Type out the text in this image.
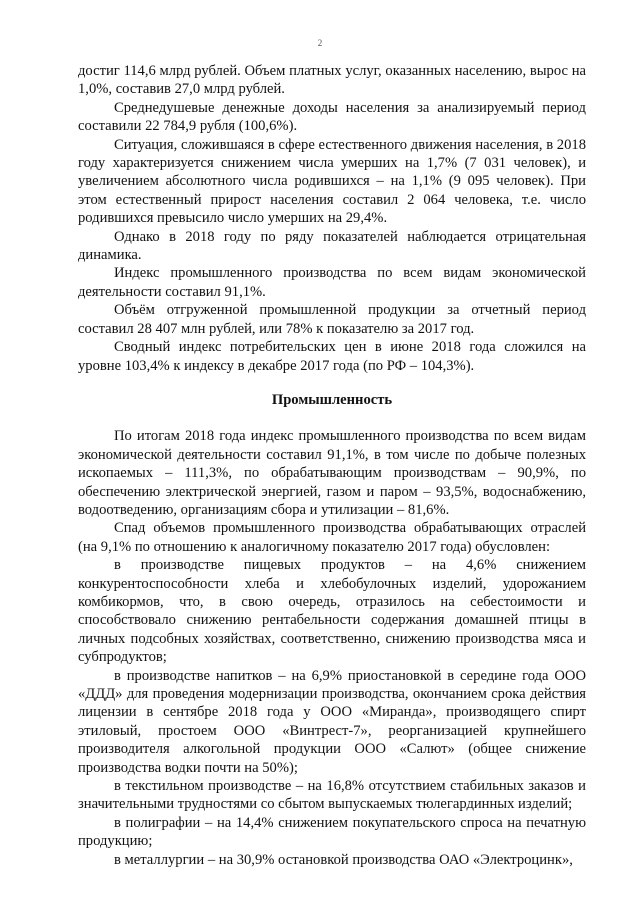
2

достиг 114,6 млрд рублей. Объем платных услуг, оказанных населению, вырос на 1,0%, составив 27,0 млрд рублей.

Среднедушевые денежные доходы населения за анализируемый период составили 22 784,9 рубля (100,6%).

Ситуация, сложившаяся в сфере естественного движения населения, в 2018 году характеризуется снижением числа умерших на 1,7% (7 031 человек), и увеличением абсолютного числа родившихся – на 1,1% (9 095 человек). При этом естественный прирост населения составил 2 064 человека, т.е. число родившихся превысило число умерших на 29,4%.

Однако в 2018 году по ряду показателей наблюдается отрицательная динамика.

Индекс промышленного производства по всем видам экономической деятельности составил 91,1%.

Объём отгруженной промышленной продукции за отчетный период составил 28 407 млн рублей, или 78% к показателю за 2017 год.

Сводный индекс потребительских цен в июне 2018 года сложился на уровне 103,4% к индексу в декабре 2017 года (по РФ – 104,3%).

Промышленность

По итогам 2018 года индекс промышленного производства по всем видам экономической деятельности составил 91,1%, в том числе по добыче полезных ископаемых – 111,3%, по обрабатывающим производствам – 90,9%, по обеспечению электрической энергией, газом и паром – 93,5%, водоснабжению, водоотведению, организациям сбора и утилизации – 81,6%.

Спад объемов промышленного производства обрабатывающих отраслей (на 9,1% по отношению к аналогичному показателю 2017 года) обусловлен:

в производстве пищевых продуктов – на 4,6% снижением конкурентоспособности хлеба и хлебобулочных изделий, удорожанием комбикормов, что, в свою очередь, отразилось на себестоимости и способствовало снижению рентабельности содержания домашней птицы в личных подсобных хозяйствах, соответственно, снижению производства мяса и субпродуктов;

в производстве напитков – на 6,9% приостановкой в середине года ООО «ДДД» для проведения модернизации производства, окончанием срока действия лицензии в сентябре 2018 года у ООО «Миранда», производящего спирт этиловый, простоем ООО «Винтрест-7», реорганизацией крупнейшего производителя алкогольной продукции ООО «Салют» (общее снижение производства водки почти на 50%);

в текстильном производстве – на 16,8% отсутствием стабильных заказов и значительными трудностями со сбытом выпускаемых тюлегардинных изделий;

в полиграфии – на 14,4% снижением покупательского спроса на печатную продукцию;

в металлургии – на 30,9% остановкой производства ОАО «Электроцинк»,
